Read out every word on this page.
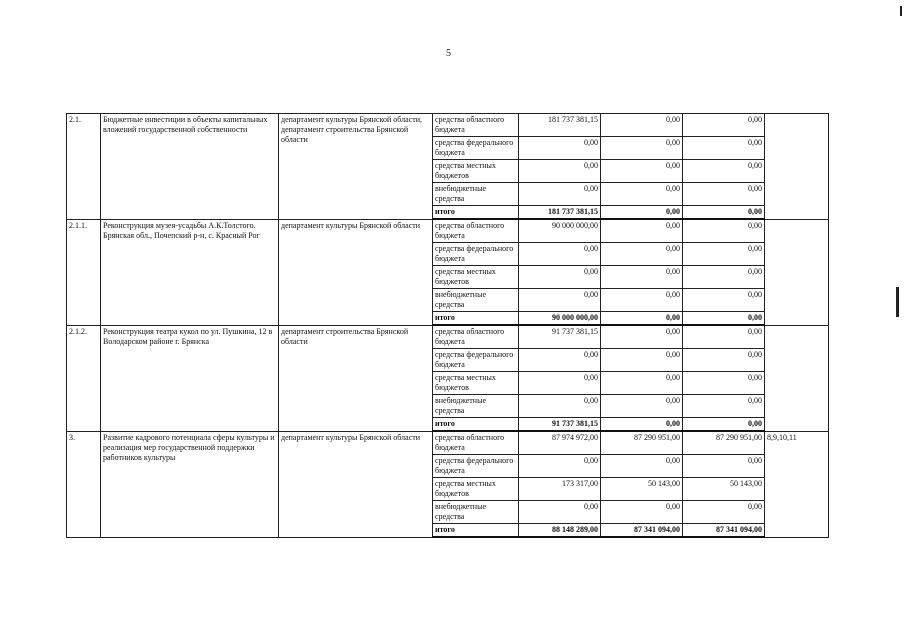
5
2.1.	Бюджетные инвестиции в объекты капитальных вложений государственной собственности	департамент культуры Брянской области, департамент строительства Брянской области	средства областного бюджета	181 737 381,15	0,00	0,00	
			средства федерального бюджета	0,00	0,00	0,00	
			средства местных бюджетов	0,00	0,00	0,00	
			внебюджетные средства	0,00	0,00	0,00	
			итого	181 737 381,15	0,00	0,00	
2.1.1.	Реконструкция музея-усадьбы А.К.Толстого. Брянская обл., Почепский р-н, с. Красный Рог	департамент культуры Брянской области	средства областного бюджета	90 000 000,00	0,00	0,00	
			средства федерального бюджета	0,00	0,00	0,00	
			средства местных бюджетов	0,00	0,00	0,00	
			внебюджетные средства	0,00	0,00	0,00	
			итого	90 000 000,00	0,00	0,00	
2.1.2.	Реконструкция театра кукол по ул. Пушкина, 12 в Володарском районе г. Брянска	департамент строительства Брянской области	средства областного бюджета	91 737 381,15	0,00	0,00	
			средства федерального бюджета	0,00	0,00	0,00	
			средства местных бюджетов	0,00	0,00	0,00	
			внебюджетные средства	0,00	0,00	0,00	
			итого	91 737 381,15	0,00	0,00	
3.	Развитие кадрового потенциала сферы культуры и реализация мер государственной поддержки работников культуры	департамент культуры Брянской области	средства областного бюджета	87 974 972,00	87 290 951,00	87 290 951,00	8,9,10,11
			средства федерального бюджета	0,00	0,00	0,00	
			средства местных бюджетов	173 317,00	50 143,00	50 143,00	
			внебюджетные средства	0,00	0,00	0,00	
			итого	88 148 289,00	87 341 094,00	87 341 094,00	
